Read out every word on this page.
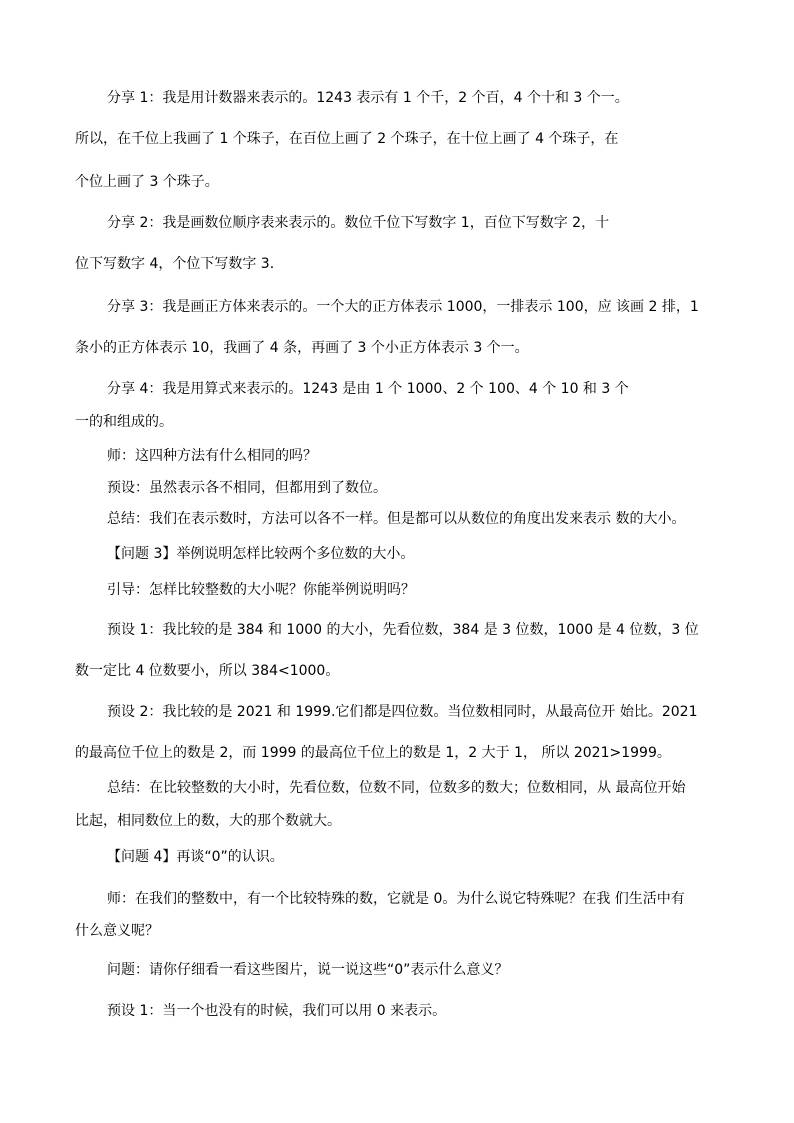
分享 1：我是用计数器来表示的。1243 表示有 1 个千，2 个百，4 个十和 3 个一。

所以，在千位上我画了 1 个珠子，在百位上画了 2 个珠子，在十位上画了 4 个珠子，在

个位上画了 3 个珠子。

分享 2：我是画数位顺序表来表示的。数位千位下写数字 1，百位下写数字 2，十

位下写数字 4，个位下写数字 3.

分享 3：我是画正方体来表示的。一个大的正方体表示 1000，一排表示 100，应 该画 2 排，1

条小的正方体表示 10，我画了 4 条，再画了 3 个小正方体表示 3 个一。

分享 4：我是用算式来表示的。1243 是由 1 个 1000、2 个 100、4 个 10 和 3 个

一的和组成的。

师：这四种方法有什么相同的吗？

预设：虽然表示各不相同，但都用到了数位。

总结：我们在表示数时，方法可以各不一样。但是都可以从数位的角度出发来表示 数的大小。

【问题 3】举例说明怎样比较两个多位数的大小。

引导：怎样比较整数的大小呢？你能举例说明吗？

预设 1：我比较的是 384 和 1000 的大小，先看位数，384 是 3 位数，1000 是 4 位数，3 位

数一定比 4 位数要小，所以 384<1000。

预设 2：我比较的是 2021 和 1999.它们都是四位数。当位数相同时，从最高位开 始比。2021

的最高位千位上的数是 2，而 1999 的最高位千位上的数是 1，2 大于 1， 所以 2021>1999。

总结：在比较整数的大小时，先看位数，位数不同，位数多的数大；位数相同，从 最高位开始

比起，相同数位上的数，大的那个数就大。

【问题 4】再谈“0”的认识。

师：在我们的整数中，有一个比较特殊的数，它就是 0。为什么说它特殊呢？在我 们生活中有

什么意义呢？

问题：请你仔细看一看这些图片，说一说这些“0”表示什么意义？

预设 1：当一个也没有的时候，我们可以用 0 来表示。
